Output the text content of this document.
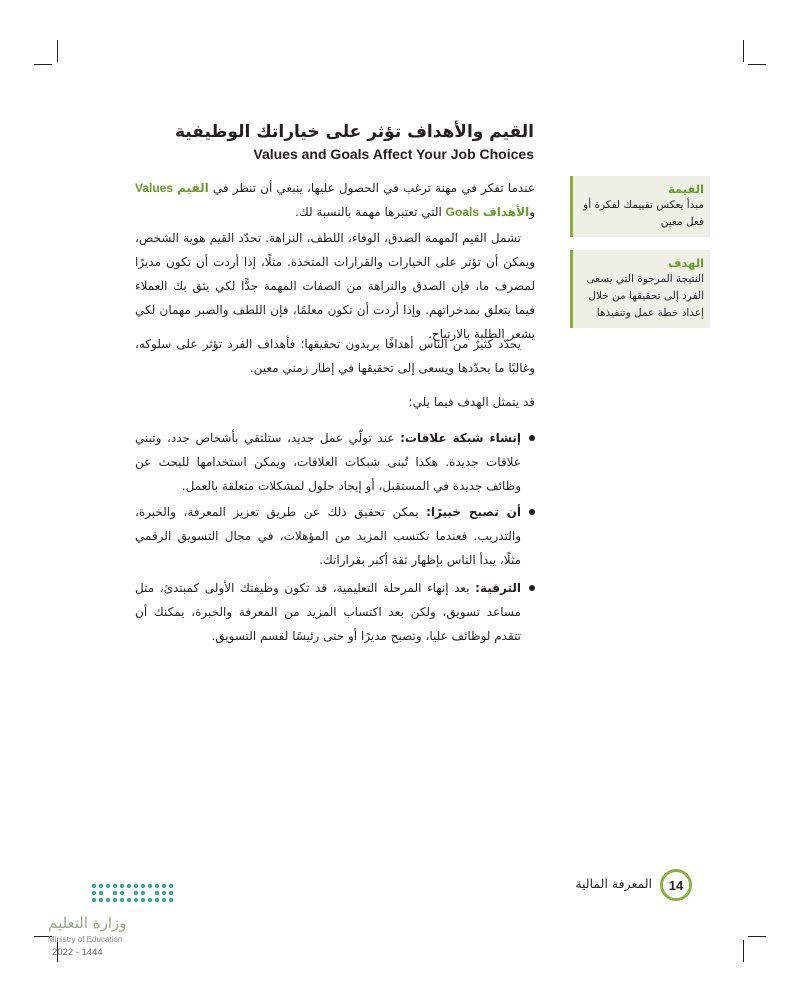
القيم والأهداف تؤثر على خياراتك الوظيفية
Values and Goals Affect Your Job Choices
القيمة
مبدأ يعكس تقييمك لفكرة أو فعل معين
الهدف
النتيجة المرجوة التي يسعى الفرد إلى تحقيقها من خلال إعداد خطة عمل وتنفيذها

عندما تفكر في مهنة ترغب في الحصول عليها، ينبغي أن تنظر في القيم Values والأهداف Goals التي تعتبرها مهمة بالنسبة لك.

تشمل القيم المهمة الصدق، الوفاء، اللطف، النزاهة. تحدّد القيم هوية الشخص، ويمكن أن تؤثر على الخيارات والقرارات المتخذة. مثلًا، إذا أردت أن تكون مديرًا لمصرف ما، فإن الصدق والنزاهة من الصفات المهمة جدًّا لكي يثق بك العملاء فيما يتعلق بمدخراتهم. وإذا أردت أن تكون معلمًا، فإن اللطف والصبر مهمان لكي يشعر الطلبة بالارتياح.

يحدّد كثيرٌ من الناس أهدافًا يريدون تحقيقها؛ فأهداف الفرد تؤثر على سلوكه، وغالبًا ما يحدّدها ويسعى إلى تحقيقها في إطار زمني معين.

قد يتمثل الهدف فيما يلي:

إنشاء شبكة علاقات: عند تولّي عمل جديد، ستلتقي بأشخاص جدد، وتبني علاقات جديدة. هكذا تُبنى شبكات العلاقات، ويمكن استخدامها للبحث عن وظائف جديدة في المستقبل، أو إيجاد حلول لمشكلات متعلقة بالعمل.
أن تصبح خبيرًا: يمكن تحقيق ذلك عن طريق تعزيز المعرفة، والخبرة، والتدريب. فعندما تكتسب المزيد من المؤهلات، في مجال التسويق الرقمي مثلًا، يبدأ الناس بإظهار ثقة أكبر بقراراتك.
الترقية: بعد إنهاء المرحلة التعليمية، قد تكون وظيفتك الأولى كمبتدئ، مثل مساعد تسويق، ولكن بعد اكتساب المزيد من المعرفة والخبرة، يمكنك أن تتقدم لوظائف عليا، وتصبح مديرًا أو حتى رئيسًا لقسم التسويق.
14
المعرفة المالية
وزارة التعليم
Ministry of Education
2022 - 1444
